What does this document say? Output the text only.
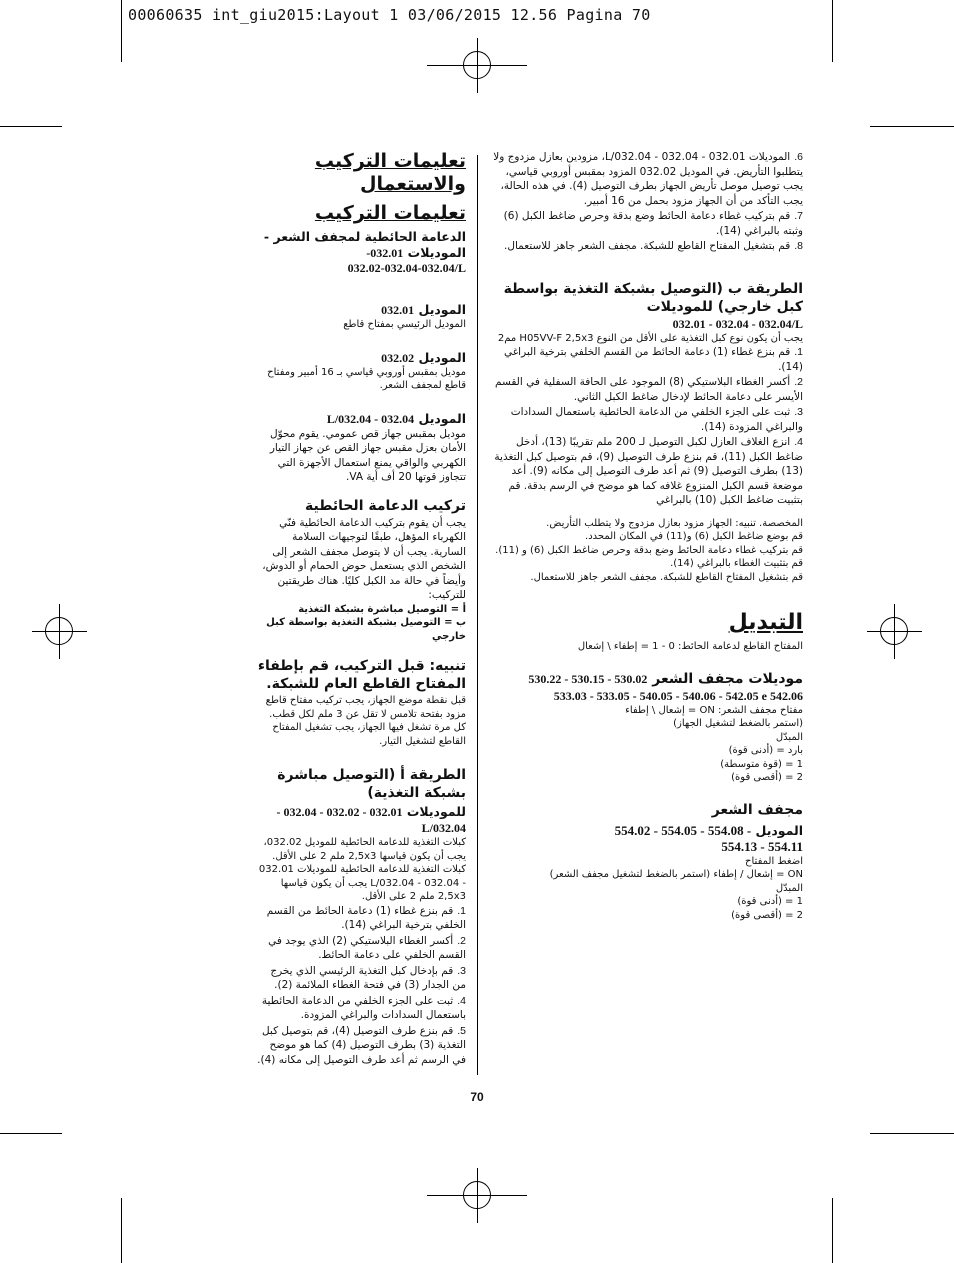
00060635 int_giu2015:Layout 1 03/06/2015 12.56 Pagina 70
تعليمات التركيب والاستعمال
تعليمات التركيب
الدعامة الحائطية لمجفف الشعر - الموديلات 032.01-
032.02-032.04-032.04/L
الموديل 032.01

الموديل الرئيسي بمفتاح قاطع

الموديل 032.02

موديل بمقبس أوروبي قياسي بـ 16 أمبير ومفتاح قاطع لمجفف الشعر.

الموديل 032.04 - 032.04/L

موديل بمقبس جهاز قص عمومي. يقوم محوّل الأمان بعزل مقبس جهاز القص عن جهاز التيار الكهربي والواقي يمنع استعمال الأجهزة التي تتجاوز قوتها 20 أف أية VA.

تركيب الدعامة الحائطية

يجب أن يقوم بتركيب الدعامة الحائطية فنّي الكهرباء المؤهل، طبقًا لتوجيهات السلامة السارية. يجب أن لا يتوصل مجفف الشعر إلى الشخص الذي يستعمل حوض الحمام أو الدوش، وأيضاً في حالة مد الكبل كليًا. هناك طريقتين للتركيب:

أ = التوصيل مباشرة بشبكة التغذية

ب = التوصيل بشبكة التغذية بواسطة كبل خارجي

تنبيه: قبل التركيب، قم بإطفاء المفتاح القاطع العام للشبكة.

قبل نقطة موضع الجهاز، يجب تركيب مفتاح قاطع مزود بفتحة تلامس لا تقل عن 3 ملم لكل قطب. كل مرة تشغل فيها الجهاز، يجب تشغيل المفتاح القاطع لتشغيل التيار.

الطريقة أ (التوصيل مباشرة بشبكة التغذية)
للموديلات 032.01 - 032.02 - 032.04 - 032.04/L

كبلات التغذية للدعامة الحائطية للموديل 032.02، يجب أن يكون قياسها 2,5x3 ملم 2 على الأقل.

كبلات التغذية للدعامة الحائطية للموديلات 032.01 - 032.04 - 032.04/L يجب أن يكون قياسها 2,5x3 ملم 2 على الأقل.

1.قم بنزع غطاء (1) دعامة الحائط من القسم الخلفي بترخية البراغي (14).
2.أكسر الغطاء البلاستيكي (2) الذي يوجد في القسم الخلفي على دعامة الحائط.
3.قم بإدخال كبل التغذية الرئيسي الذي يخرج من الجدار (3) في فتحة الغطاء الملائمة (2).
4.ثبت على الجزء الخلفي من الدعامة الحائطية باستعمال السدادات والبراغي المزودة.
5.قم بنزع طرف التوصيل (4)، قم بتوصيل كبل التغذية (3) بطرف التوصيل (4) كما هو موضح في الرسم ثم أعد طرف التوصيل إلى مكانه (4).
6.الموديلات 032.01 - 032.04 - 032.04/L، مزودين بعازل مزدوج ولا يتطلبوا التأريض. في الموديل 032.02 المزود بمقبس أوروبي قياسي، يجب توصيل موصل تأريض الجهاز بطرف التوصيل (4). في هذه الحالة، يجب التأكد من أن الجهاز مزود بحمل من 16 أمبير.
7.قم بتركيب غطاء دعامة الحائط وضع بدقة وحرص ضاغط الكبل (6) وثبته بالبراغي (14).
8.قم بتشغيل المفتاح القاطع للشبكة. مجفف الشعر جاهز للاستعمال.
الطريقة ب (التوصيل بشبكة التغذية بواسطة كبل خارجي) للموديلات
032.01 - 032.04 - 032.04/L

يجب أن يكون نوع كبل التغذية على الأقل من النوع H05VV-F 2,5x3 مم2

1.قم بنزع غطاء (1) دعامة الحائط من القسم الخلفي بترخية البراغي (14).
2.أكسر الغطاء البلاستيكي (8) الموجود على الحافة السفلية في القسم الأيسر على دعامة الحائط لإدخال ضاغط الكبل الثاني.
3.ثبت على الجزء الخلفي من الدعامة الحائطية باستعمال السدادات والبراغي المزودة (14).
4.انزع الغلاف العازل لكبل التوصيل لـ 200 ملم تقريبًا (13)، أدخل ضاغط الكبل (11)، قم بنزع طرف التوصيل (9)، قم بتوصيل كبل التغذية (13) بطرف التوصيل (9) ثم أعد طرف التوصيل إلى مكانه (9). أعد موضعة قسم الكبل المنزوع غلافه كما هو موضح في الرسم بدقة. قم بتثبيت ضاغط الكبل (10) بالبراغي

المخصصة. تنبيه: الجهاز مزود بعازل مزدوج ولا يتطلب التأريض.

قم بوضع ضاغط الكبل (6) و(11) في المكان المحدد.

قم بتركيب غطاء دعامة الحائط وضع بدقة وحرص ضاغط الكبل (6) و (11).

قم بتثبيت الغطاء بالبراغي (14).

قم بتشغيل المفتاح القاطع للشبكة. مجفف الشعر جاهز للاستعمال.

التبديل

المفتاح القاطع لدعامة الحائط: 0 - 1 = إطفاء \ إشعال

موديلات مجفف الشعر 530.02 - 530.15 - 530.22
533.03 - 533.05 - 540.05 - 540.06 - 542.05 e 542.06

مفتاح مجفف الشعر: ON = إشعال \ إطفاء

(استمر بالضغط لتشغيل الجهاز)

المبدّل

بارد = (أدنى قوة)

1 = (قوة متوسطة)

2 = (أقصى قوة)

مجفف الشعر
الموديل - 554.08 - 554.05 - 554.02
554.13 - 554.11

اضغط المفتاح

ON = إشعال / إطفاء (استمر بالضغط لتشغيل مجفف الشعر)

المبدّل

1 = (أدنى قوة)

2 = (أقصى قوة)

70
